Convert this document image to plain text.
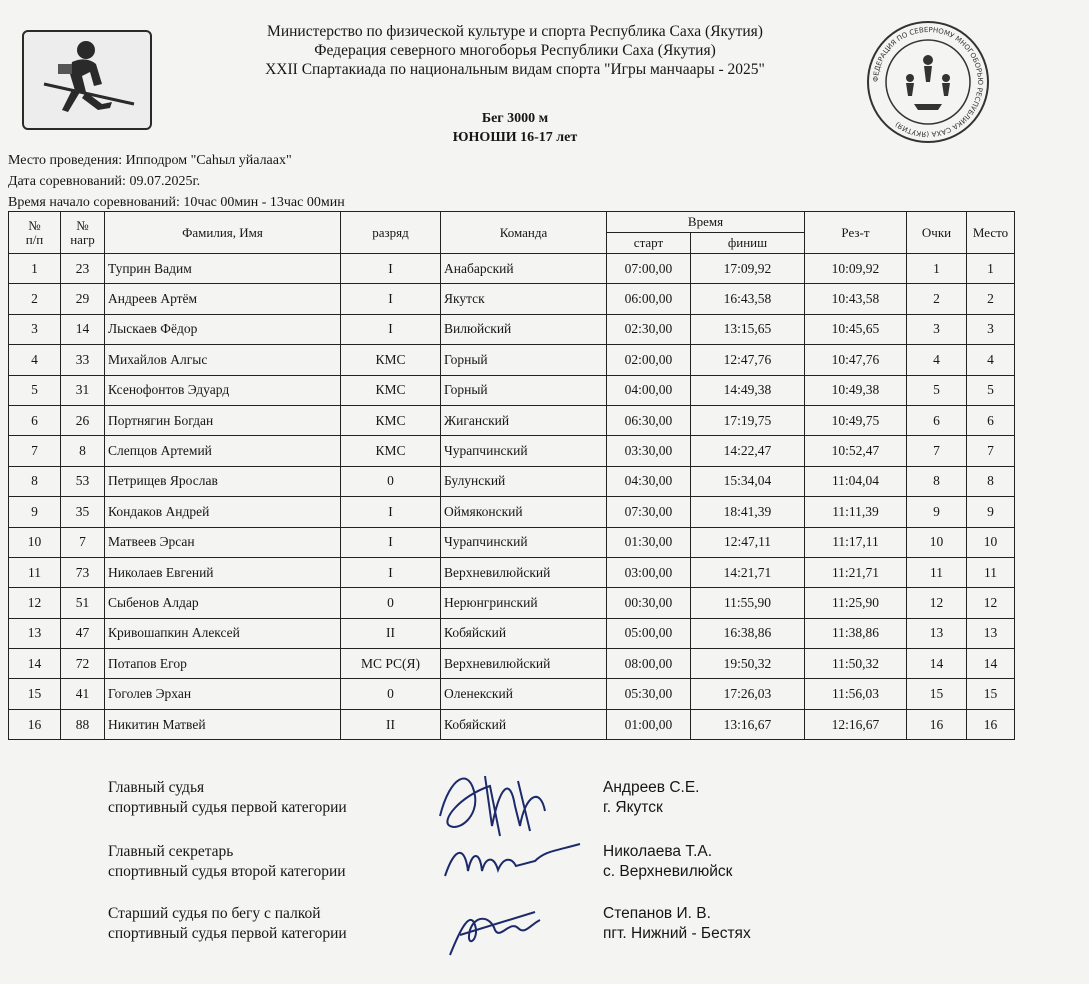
ФЕДЕРАЦИЯ ПО СЕВЕРНОМУ МНОГОБОРЬЮ РЕСПУБЛИКА САХА (ЯКУТИЯ)
Министерство по физической культуре и спорта Республика Саха (Якутия)
Федерация северного многоборья Республики Саха (Якутия)
XXII Спартакиада по национальным видам спорта "Игры манчаары - 2025"
Бег 3000 м
ЮНОШИ 16-17 лет
Место проведения: Ипподром "Саһыл уйалаах"
Дата соревнований: 09.07.2025г.
Время начало соревнований: 10час 00мин - 13час 00мин
№
п/п	№
нагр	Фамилия, Имя	разряд	Команда	Время		Рез-т	Очки	Место
					старт	финиш			
1	23	Туприн Вадим	I	Анабарский	07:00,00	17:09,92	10:09,92	1	1
2	29	Андреев Артём	I	Якутск	06:00,00	16:43,58	10:43,58	2	2
3	14	Лыскаев Фёдор	I	Вилюйский	02:30,00	13:15,65	10:45,65	3	3
4	33	Михайлов Алгыс	КМС	Горный	02:00,00	12:47,76	10:47,76	4	4
5	31	Ксенофонтов Эдуард	КМС	Горный	04:00,00	14:49,38	10:49,38	5	5
6	26	Портнягин Богдан	КМС	Жиганский	06:30,00	17:19,75	10:49,75	6	6
7	8	Слепцов Артемий	КМС	Чурапчинский	03:30,00	14:22,47	10:52,47	7	7
8	53	Петрищев Ярослав	0	Булунский	04:30,00	15:34,04	11:04,04	8	8
9	35	Кондаков Андрей	I	Оймяконский	07:30,00	18:41,39	11:11,39	9	9
10	7	Матвеев Эрсан	I	Чурапчинский	01:30,00	12:47,11	11:17,11	10	10
11	73	Николаев Евгений	I	Верхневилюйский	03:00,00	14:21,71	11:21,71	11	11
12	51	Сыбенов Алдар	0	Нерюнгринский	00:30,00	11:55,90	11:25,90	12	12
13	47	Кривошапкин Алексей	II	Кобяйский	05:00,00	16:38,86	11:38,86	13	13
14	72	Потапов Егор	МС РС(Я)	Верхневилюйский	08:00,00	19:50,32	11:50,32	14	14
15	41	Гоголев Эрхан	0	Оленекский	05:30,00	17:26,03	11:56,03	15	15
16	88	Никитин Матвей	II	Кобяйский	01:00,00	13:16,67	12:16,67	16	16
Главный судья
спортивный судья первой категории
Андреев С.Е.
г. Якутск
Главный секретарь
спортивный судья второй категории
Николаева Т.А.
с. Верхневилюйск
Старший судья по бегу с палкой
спортивный судья первой категории
Степанов И. В.
пгт. Нижний - Бестях
